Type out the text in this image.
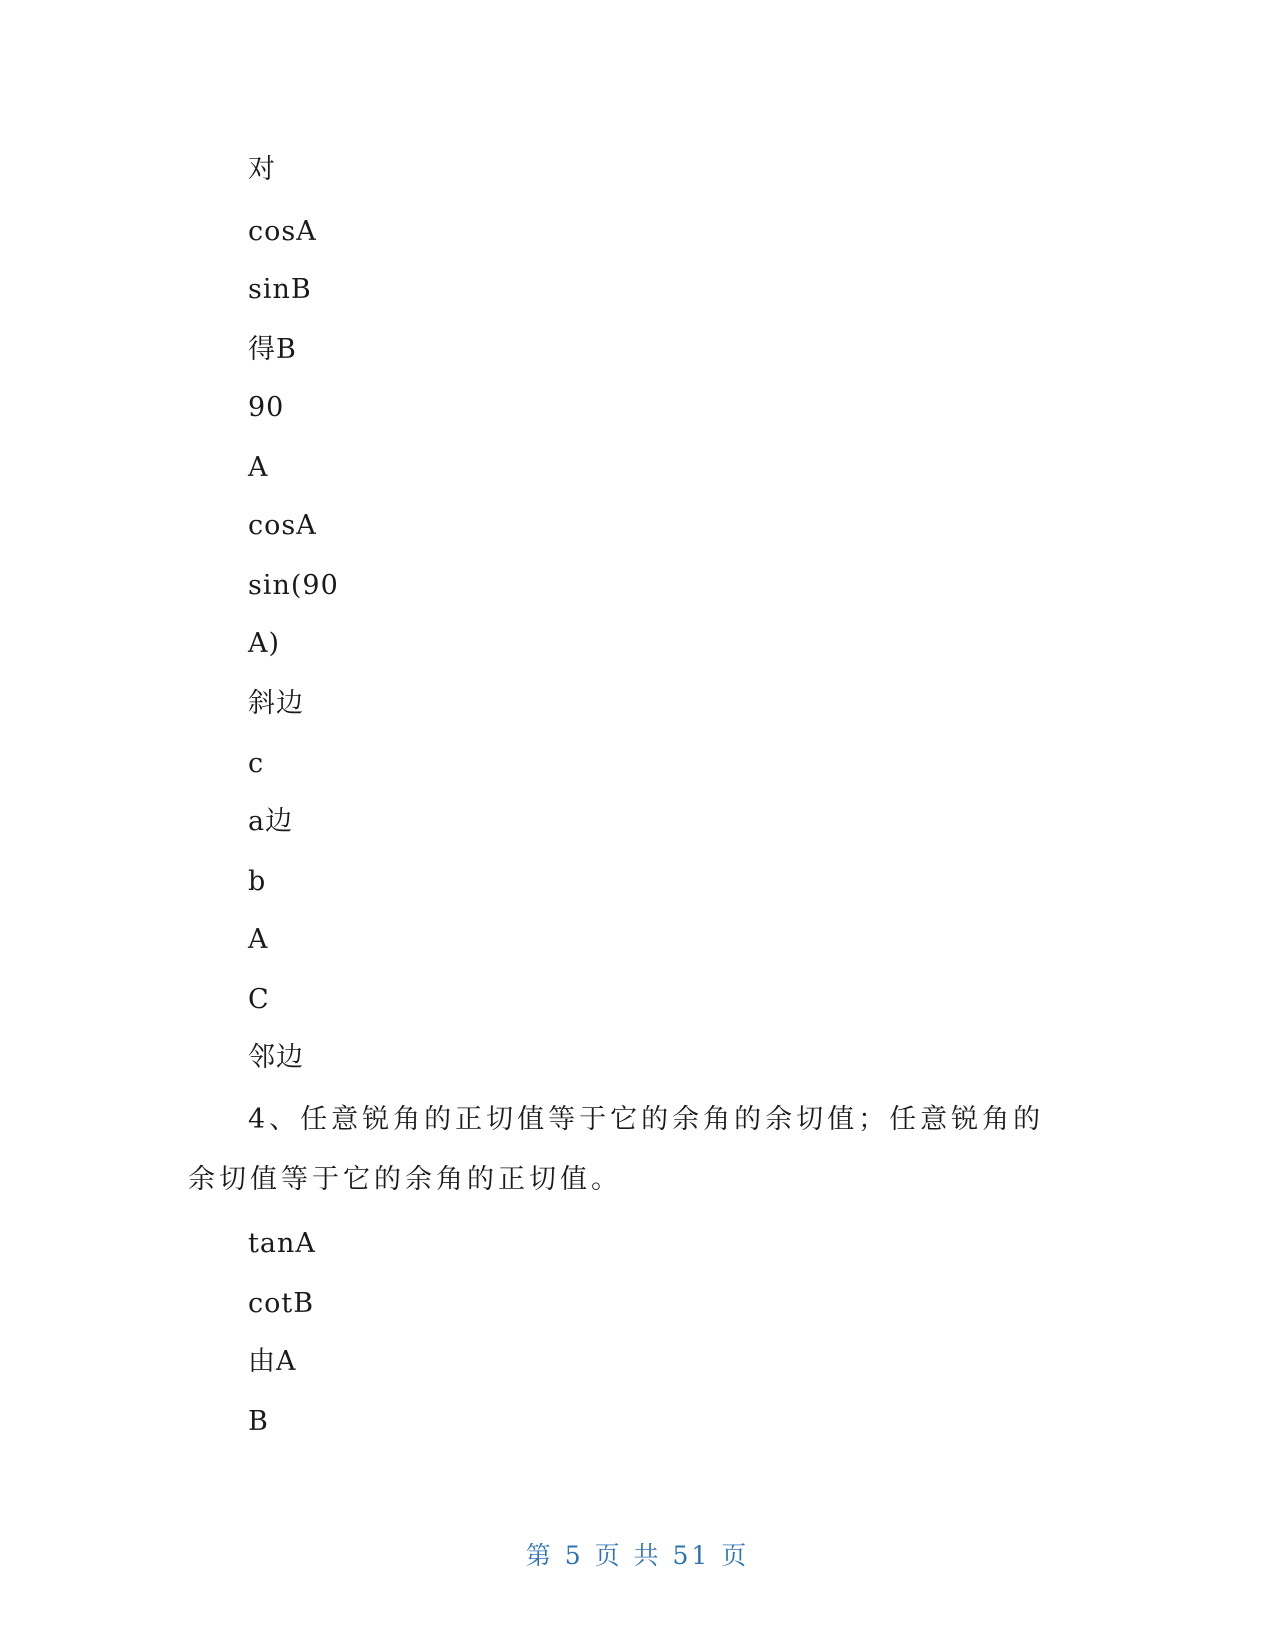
对
cosA
sinB
得B
90
A
cosA
sin(90
A)
斜边
c
a边
b
A
C
邻边
4、任意锐角的正切值等于它的余角的余切值；任意锐角的余切值等于它的余角的正切值。
tanA
cotB
由A
B
第 5 页 共 51 页
